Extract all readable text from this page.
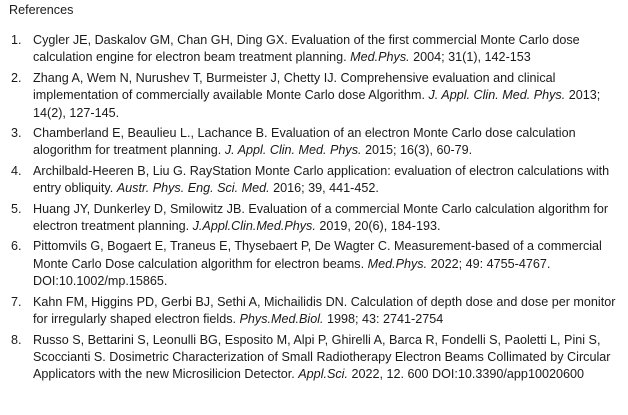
References
1. Cygler JE, Daskalov GM, Chan GH, Ding GX. Evaluation of the first commercial Monte Carlo dose calculation engine for electron beam treatment planning. Med.Phys. 2004; 31(1), 142-153
2. Zhang A, Wem N, Nurushev T, Burmeister J, Chetty IJ. Comprehensive evaluation and clinical implementation of commercially available Monte Carlo dose Algorithm. J. Appl. Clin. Med. Phys. 2013; 14(2), 127-145.
3. Chamberland E, Beaulieu L., Lachance B. Evaluation of an electron Monte Carlo dose calculation alogorithm for treatment planning. J. Appl. Clin. Med. Phys. 2015; 16(3), 60-79.
4. Archilbald-Heeren B, Liu G. RayStation Monte Carlo application: evaluation of electron calculations with entry obliquity. Austr. Phys. Eng. Sci. Med. 2016; 39, 441-452.
5. Huang JY, Dunkerley D, Smilowitz JB. Evaluation of a commercial Monte Carlo calculation algorithm for electron treatment planning. J.Appl.Clin.Med.Phys. 2019, 20(6), 184-193.
6. Pittomvils G, Bogaert E, Traneus E, Thysebaert P, De Wagter C. Measurement-based of a commercial Monte Carlo Dose calculation algorithm for electron beams. Med.Phys. 2022; 49: 4755-4767. DOI:10.1002/mp.15865.
7. Kahn FM, Higgins PD, Gerbi BJ, Sethi A, Michailidis DN. Calculation of depth dose and dose per monitor for irregularly shaped electron fields. Phys.Med.Biol. 1998; 43: 2741-2754
8. Russo S, Bettarini S, Leonulli BG, Esposito M, Alpi P, Ghirelli A, Barca R, Fondelli S, Paoletti L, Pini S, Scoccianti S. Dosimetric Characterization of Small Radiotherapy Electron Beams Collimated by Circular Applicators with the new Microsilicion Detector. Appl.Sci. 2022, 12. 600 DOI:10.3390/app10020600
